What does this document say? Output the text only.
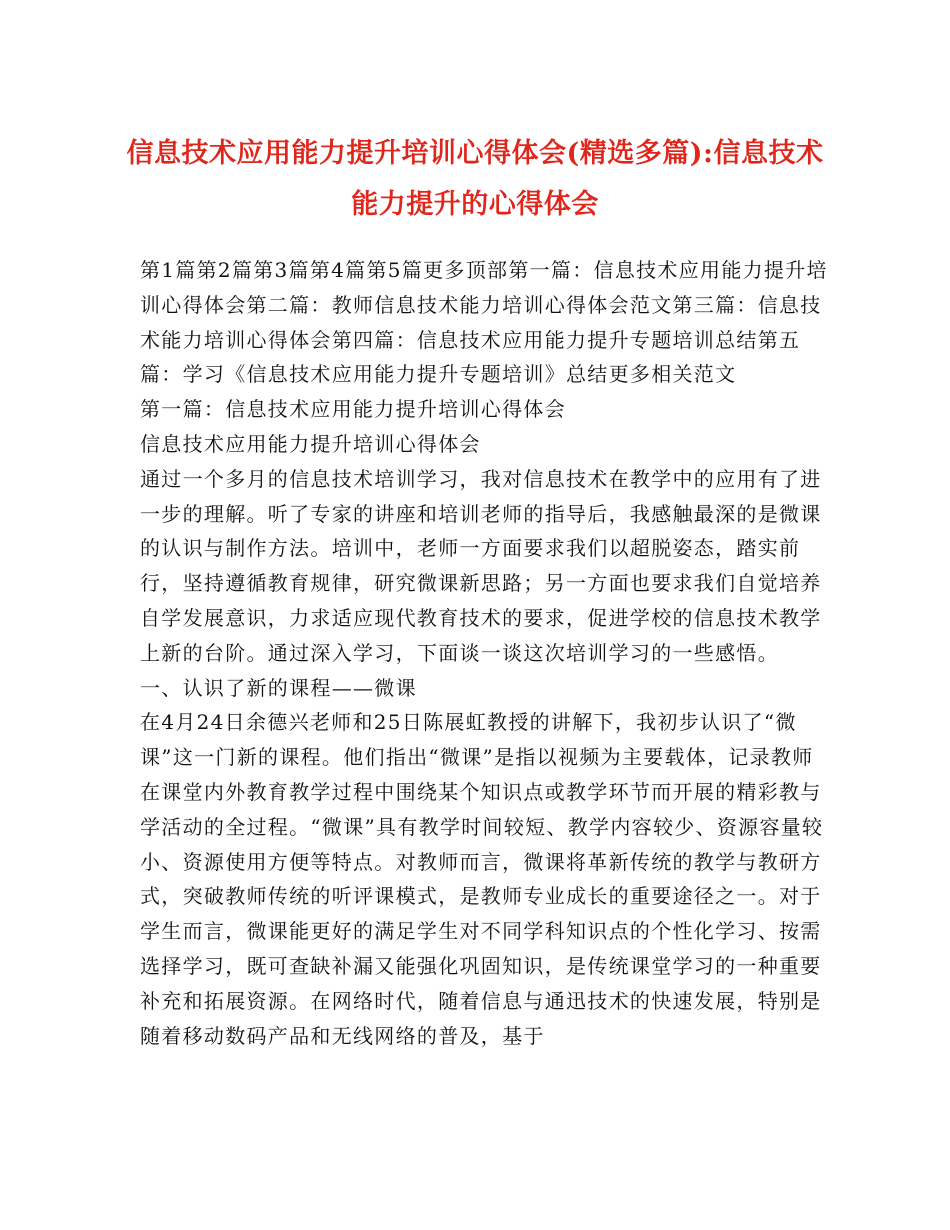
信息技术应用能力提升培训心得体会(精选多篇):信息技术能力提升的心得体会

第1篇第2篇第3篇第4篇第5篇更多顶部第一篇：信息技术应用能力提升培训心得体会第二篇：教师信息技术能力培训心得体会范文第三篇：信息技术能力培训心得体会第四篇：信息技术应用能力提升专题培训总结第五篇：学习《信息技术应用能力提升专题培训》总结更多相关范文

第一篇：信息技术应用能力提升培训心得体会

信息技术应用能力提升培训心得体会

通过一个多月的信息技术培训学习，我对信息技术在教学中的应用有了进一步的理解。听了专家的讲座和培训老师的指导后，我感触最深的是微课的认识与制作方法。培训中，老师一方面要求我们以超脱姿态，踏实前行，坚持遵循教育规律，研究微课新思路；另一方面也要求我们自觉培养自学发展意识，力求适应现代教育技术的要求，促进学校的信息技术教学上新的台阶。通过深入学习，下面谈一谈这次培训学习的一些感悟。

一、认识了新的课程——微课

在4月24日余德兴老师和25日陈展虹教授的讲解下，我初步认识了“微课”这一门新的课程。他们指出“微课”是指以视频为主要载体，记录教师在课堂内外教育教学过程中围绕某个知识点或教学环节而开展的精彩教与学活动的全过程。“微课”具有教学时间较短、教学内容较少、资源容量较小、资源使用方便等特点。对教师而言，微课将革新传统的教学与教研方式，突破教师传统的听评课模式，是教师专业成长的重要途径之一。对于学生而言，微课能更好的满足学生对不同学科知识点的个性化学习、按需选择学习，既可查缺补漏又能强化巩固知识，是传统课堂学习的一种重要补充和拓展资源。在网络时代，随着信息与通迅技术的快速发展，特别是随着移动数码产品和无线网络的普及，基于
